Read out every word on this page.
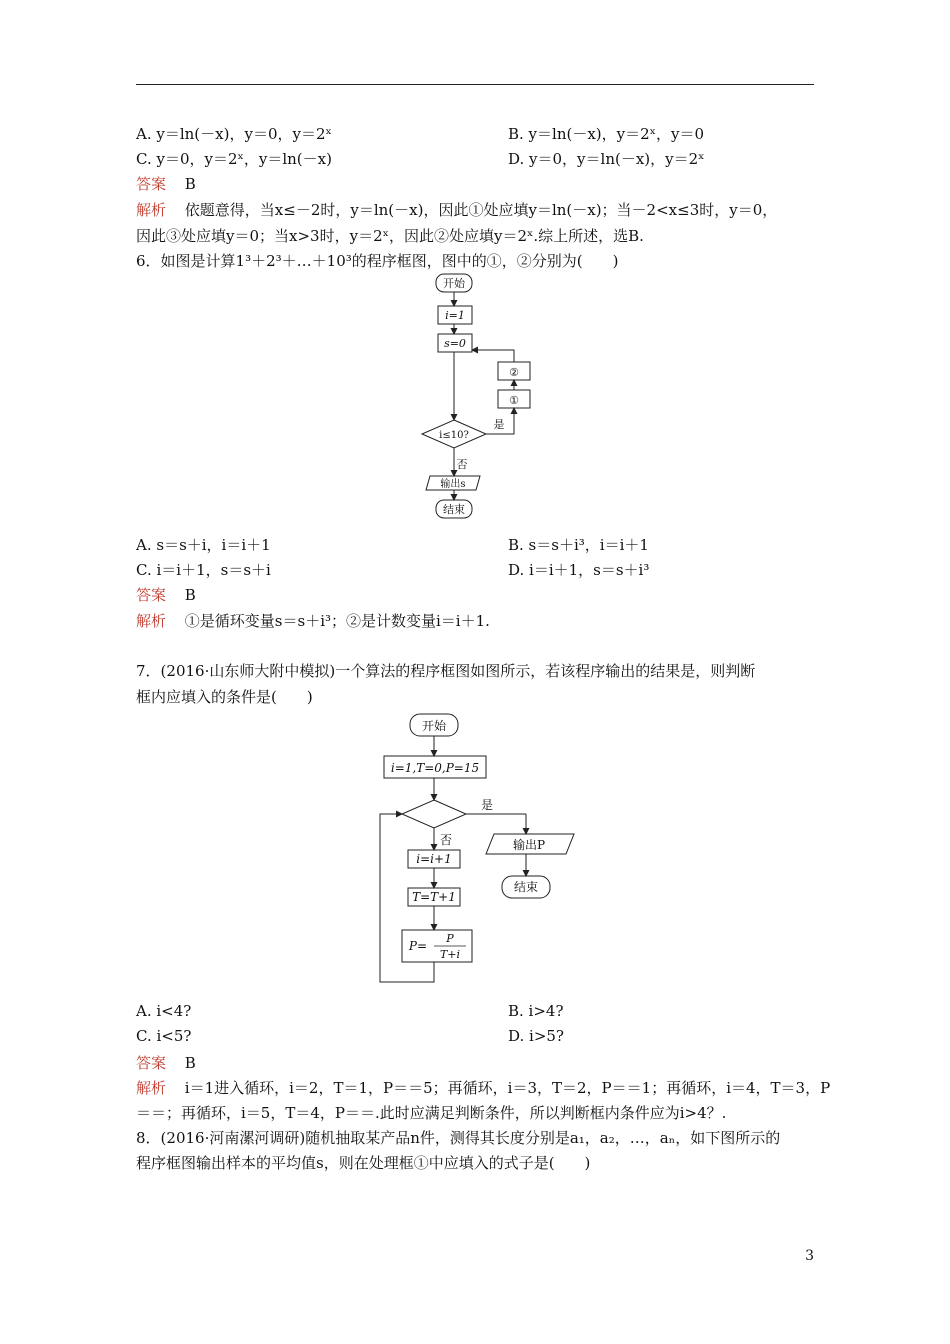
A. y＝ln(－x)，y＝0，y＝2ˣ	B. y＝ln(－x)，y＝2ˣ，y＝0
C. y＝0，y＝2ˣ，y＝ln(－x)	D. y＝0，y＝ln(－x)，y＝2ˣ
答案 B
解析 依题意得，当x≤－2时，y＝ln(－x)，因此①处应填y＝ln(－x)；当－2<x≤3时，y＝0，
因此③处应填y＝0；当x>3时，y＝2ˣ，因此②处应填y＝2ˣ.综上所述，选B.
6．如图是计算1³＋2³＋…＋10³的程序框图，图中的①，②分别为(　　)
开始
i=1
s=0
②
①
i≤10?
是
否
输出s
结束
A. s＝s＋i，i＝i＋1	B. s＝s＋i³，i＝i＋1
C. i＝i＋1，s＝s＋i	D. i＝i＋1，s＝s＋i³
答案 B
解析 ①是循环变量s＝s＋i³；②是计数变量i＝i＋1.
7．(2016·山东师大附中模拟)一个算法的程序框图如图所示，若该程序输出的结果是，则判断
框内应填入的条件是(　　)
开始
i=1,T=0,P=15
是
否	输出P
结束
i=i+1
T=T+1
P=
P
T+i
A. i<4?	B. i>4?
C. i<5?	D. i>5?
答案 B
解析 i＝1进入循环，i＝2，T＝1，P＝＝5；再循环，i＝3，T＝2，P＝＝1；再循环，i＝4，T＝3，P
＝＝；再循环，i＝5，T＝4，P＝＝.此时应满足判断条件，所以判断框内条件应为i>4？.
8．(2016·河南漯河调研)随机抽取某产品n件，测得其长度分别是a₁，a₂，…，aₙ，如下图所示的
程序框图输出样本的平均值s，则在处理框①中应填入的式子是(　　)
3
